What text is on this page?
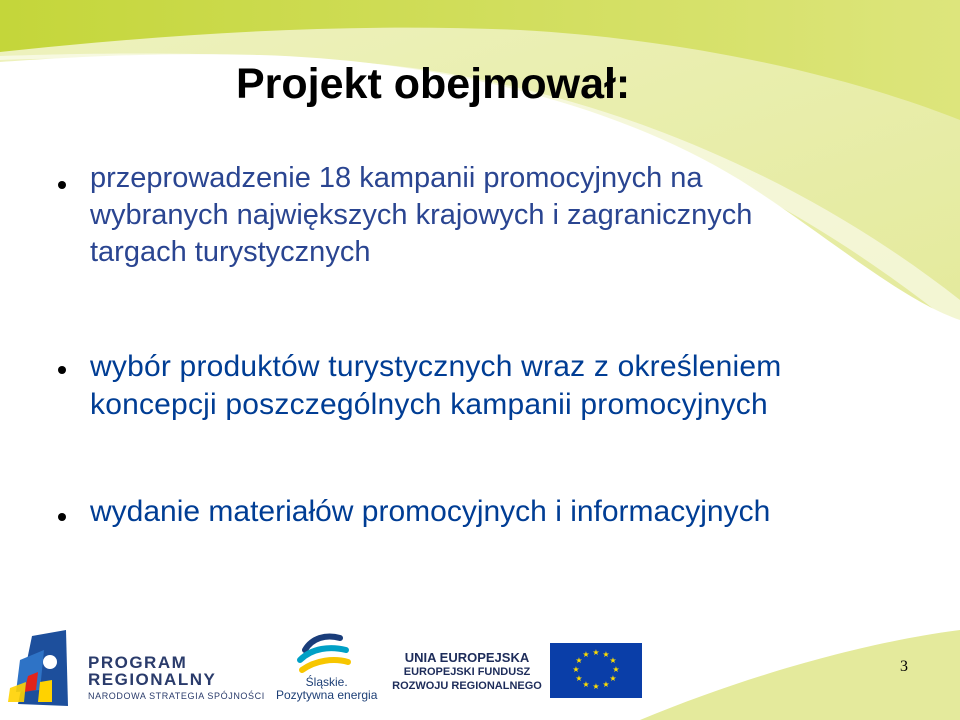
Projekt obejmował:
przeprowadzenie 18 kampanii promocyjnych na
wybranych największych krajowych i zagranicznych
targach turystycznych
wybór produktów turystycznych wraz z określeniem
koncepcji poszczególnych kampanii promocyjnych
wydanie materiałów promocyjnych i informacyjnych
★ ★
★
★
★
★
★
★
★
★
★
★
PROGRAM
REGIONALNY
NARODOWA STRATEGIA SPÓJNOŚCI
Śląskie.
Pozytywna energia
UNIA EUROPEJSKA
EUROPEJSKI FUNDUSZ
ROZWOJU REGIONALNEGO
3
